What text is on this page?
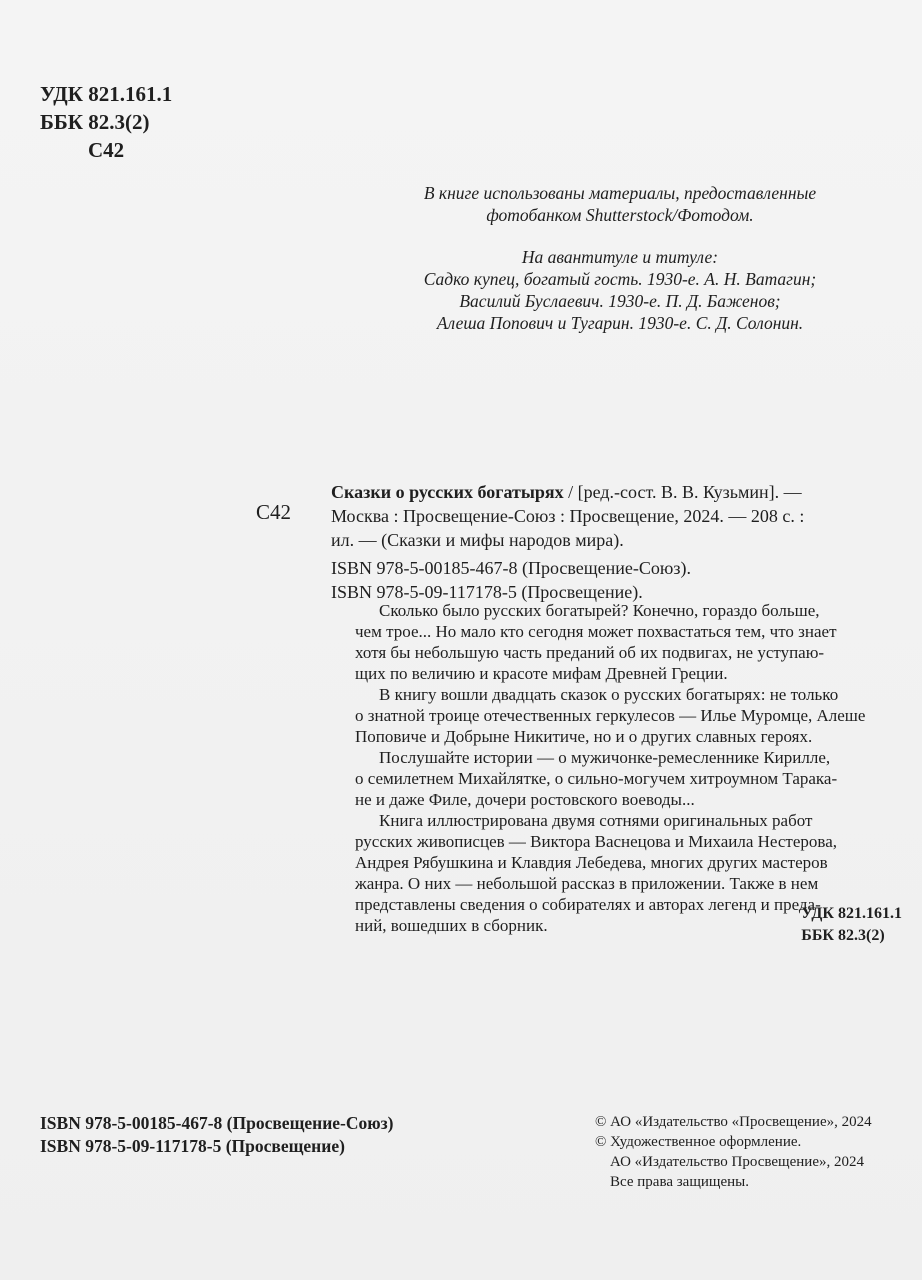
УДК 821.161.1
ББК 82.3(2)
С42
В книге использованы материалы, предоставленные
фотобанком Shutterstock/Фотодом.
На авантитуле и титуле:
Садко купец, богатый гость. 1930-е. А. Н. Ватагин;
Василий Буслаевич. 1930-е. П. Д. Баженов;
Алеша Попович и Тугарин. 1930-е. С. Д. Солонин.
С42
Сказки о русских богатырях / [ред.-сост. В. В. Кузьмин]. —
Москва : Просвещение-Союз : Просвещение, 2024. — 208 с. :
ил. — (Сказки и мифы народов мира).
ISBN 978-5-00185-467-8 (Просвещение-Союз).
ISBN 978-5-09-117178-5 (Просвещение).

Сколько было русских богатырей? Конечно, гораздо больше,
чем трое... Но мало кто сегодня может похвастаться тем, что знает
хотя бы небольшую часть преданий об их подвигах, не уступаю-
щих по величию и красоте мифам Древней Греции.

В книгу вошли двадцать сказок о русских богатырях: не только
о знатной троице отечественных геркулесов — Илье Муромце, Алеше
Поповиче и Добрыне Никитиче, но и о других славных героях.

Послушайте истории — о мужичонке-ремесленнике Кирилле,
о семилетнем Михайлятке, о сильно-могучем хитроумном Тарака-
не и даже Филе, дочери ростовского воеводы...

Книга иллюстрирована двумя сотнями оригинальных работ
русских живописцев — Виктора Васнецова и Михаила Нестерова,
Андрея Рябушкина и Клавдия Лебедева, многих других мастеров
жанра. О них — небольшой рассказ в приложении. Также в нем
представлены сведения о собирателях и авторах легенд и преда-
ний, вошедших в сборник.

УДК 821.161.1
ББК 82.3(2)
ISBN 978-5-00185-467-8 (Просвещение-Союз)
ISBN 978-5-09-117178-5 (Просвещение)
© АО «Издательство «Просвещение», 2024
© Художественное оформление.
АО «Издательство Просвещение», 2024
Все права защищены.
